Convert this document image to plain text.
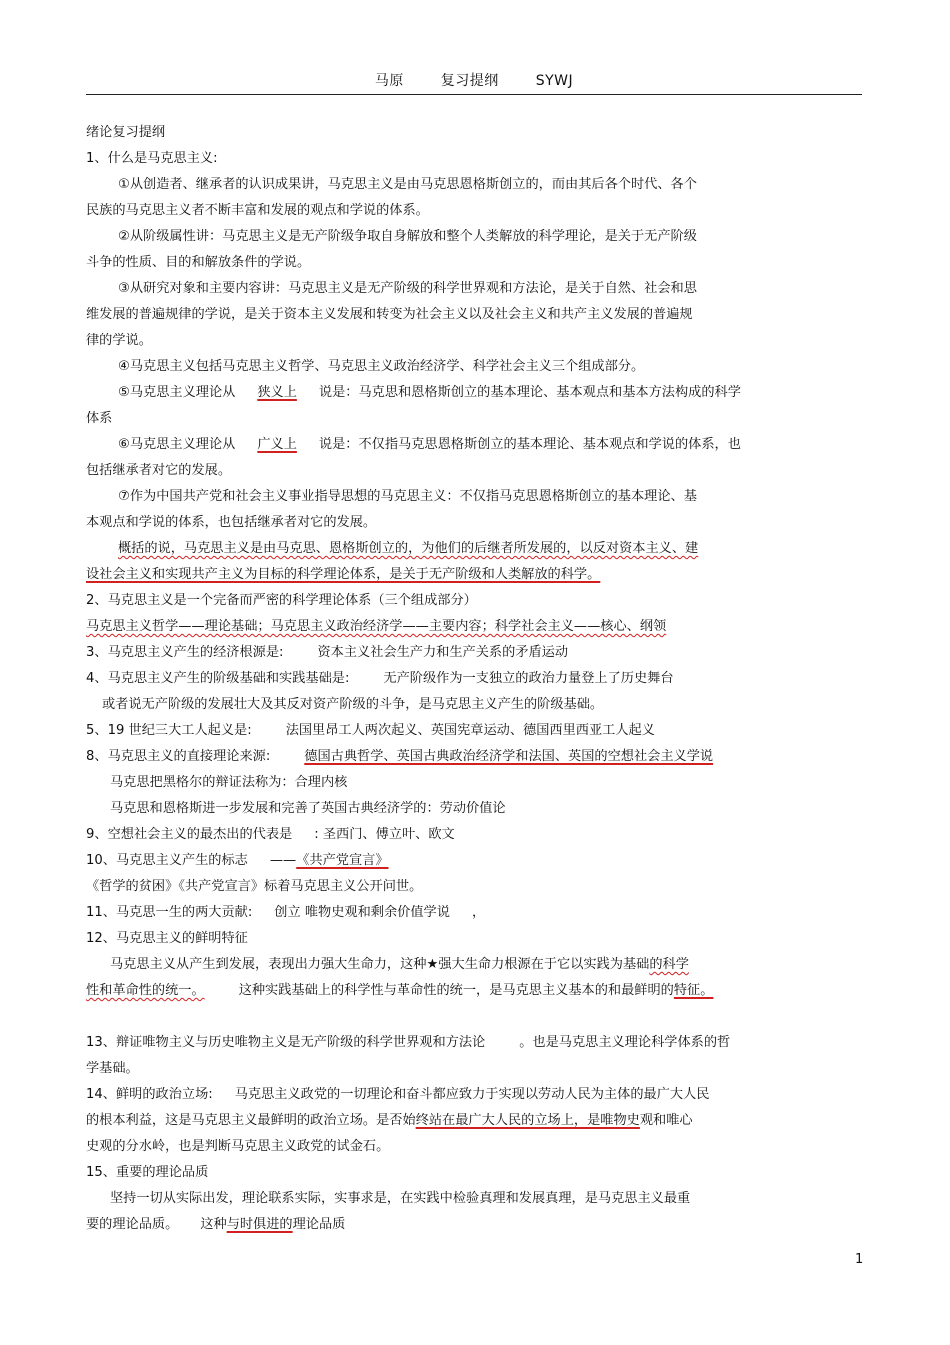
马原	复习提纲	SYWJ
绪论复习提纲
1、什么是马克思主义:
①从创造者、继承者的认识成果讲，马克思主义是由马克思恩格斯创立的，而由其后各个时代、各个
民族的马克思主义者不断丰富和发展的观点和学说的体系。
②从阶级属性讲：马克思主义是无产阶级争取自身解放和整个人类解放的科学理论，是关于无产阶级
斗争的性质、目的和解放条件的学说。
③从研究对象和主要内容讲：马克思主义是无产阶级的科学世界观和方法论，是关于自然、社会和思
维发展的普遍规律的学说，是关于资本主义发展和转变为社会主义以及社会主义和共产主义发展的普遍规
律的学说。
④马克思主义包括马克思主义哲学、马克思主义政治经济学、科学社会主义三个组成部分。
⑤马克思主义理论从 狭义上 说是：马克思和恩格斯创立的基本理论、基本观点和基本方法构成的科学
体系
⑥马克思主义理论从 广义上 说是：不仅指马克思恩格斯创立的基本理论、基本观点和学说的体系，也
包括继承者对它的发展。
⑦作为中国共产党和社会主义事业指导思想的马克思主义：不仅指马克思恩格斯创立的基本理论、基
本观点和学说的体系，也包括继承者对它的发展。
概括的说，马克思主义是由马克思、恩格斯创立的，为他们的后继者所发展的，以反对资本主义、建
设社会主义和实现共产主义为目标的科学理论体系，是关于无产阶级和人类解放的科学。
2、马克思主义是一个完备而严密的科学理论体系（三个组成部分）
马克思主义哲学——理论基础；马克思主义政治经济学——主要内容；科学社会主义——核心、纲领
3、马克思主义产生的经济根源是:	资本主义社会生产力和生产关系的矛盾运动
4、马克思主义产生的阶级基础和实践基础是:	无产阶级作为一支独立的政治力量登上了历史舞台
或者说无产阶级的发展壮大及其反对资产阶级的斗争，是马克思主义产生的阶级基础。
5、19 世纪三大工人起义是:	法国里昂工人两次起义、英国宪章运动、德国西里西亚工人起义
8、马克思主义的直接理论来源:	德国古典哲学、英国古典政治经济学和法国、英国的空想社会主义学说
马克思把黑格尔的辩证法称为：合理内核
马克思和恩格斯进一步发展和完善了英国古典经济学的：劳动价值论
9、空想社会主义的最杰出的代表是 : 圣西门、傅立叶、欧文
10、马克思主义产生的标志 ——《共产党宣言》
《哲学的贫困》《共产党宣言》标着马克思主义公开问世。
11、马克思一生的两大贡献: 创立 唯物史观和剩余价值学说 ，
12、马克思主义的鲜明特征
马克思主义从产生到发展，表现出力强大生命力，这种★强大生命力根源在于它以实践为基础的科学
性和革命性的统一。	这种实践基础上的科学性与革命性的统一，是马克思主义基本的和最鲜明的特征。
13、辩证唯物主义与历史唯物主义是无产阶级的科学世界观和方法论	。也是马克思主义理论科学体系的哲
学基础。
14、鲜明的政治立场: 马克思主义政党的一切理论和奋斗都应致力于实现以劳动人民为主体的最广大人民
的根本利益，这是马克思主义最鲜明的政治立场。是否始终站在最广大人民的立场上，是唯物史观和唯心
史观的分水岭，也是判断马克思主义政党的试金石。
15、重要的理论品质
坚持一切从实际出发，理论联系实际，实事求是，在实践中检验真理和发展真理，是马克思主义最重
要的理论品质。 这种与时俱进的理论品质
1
